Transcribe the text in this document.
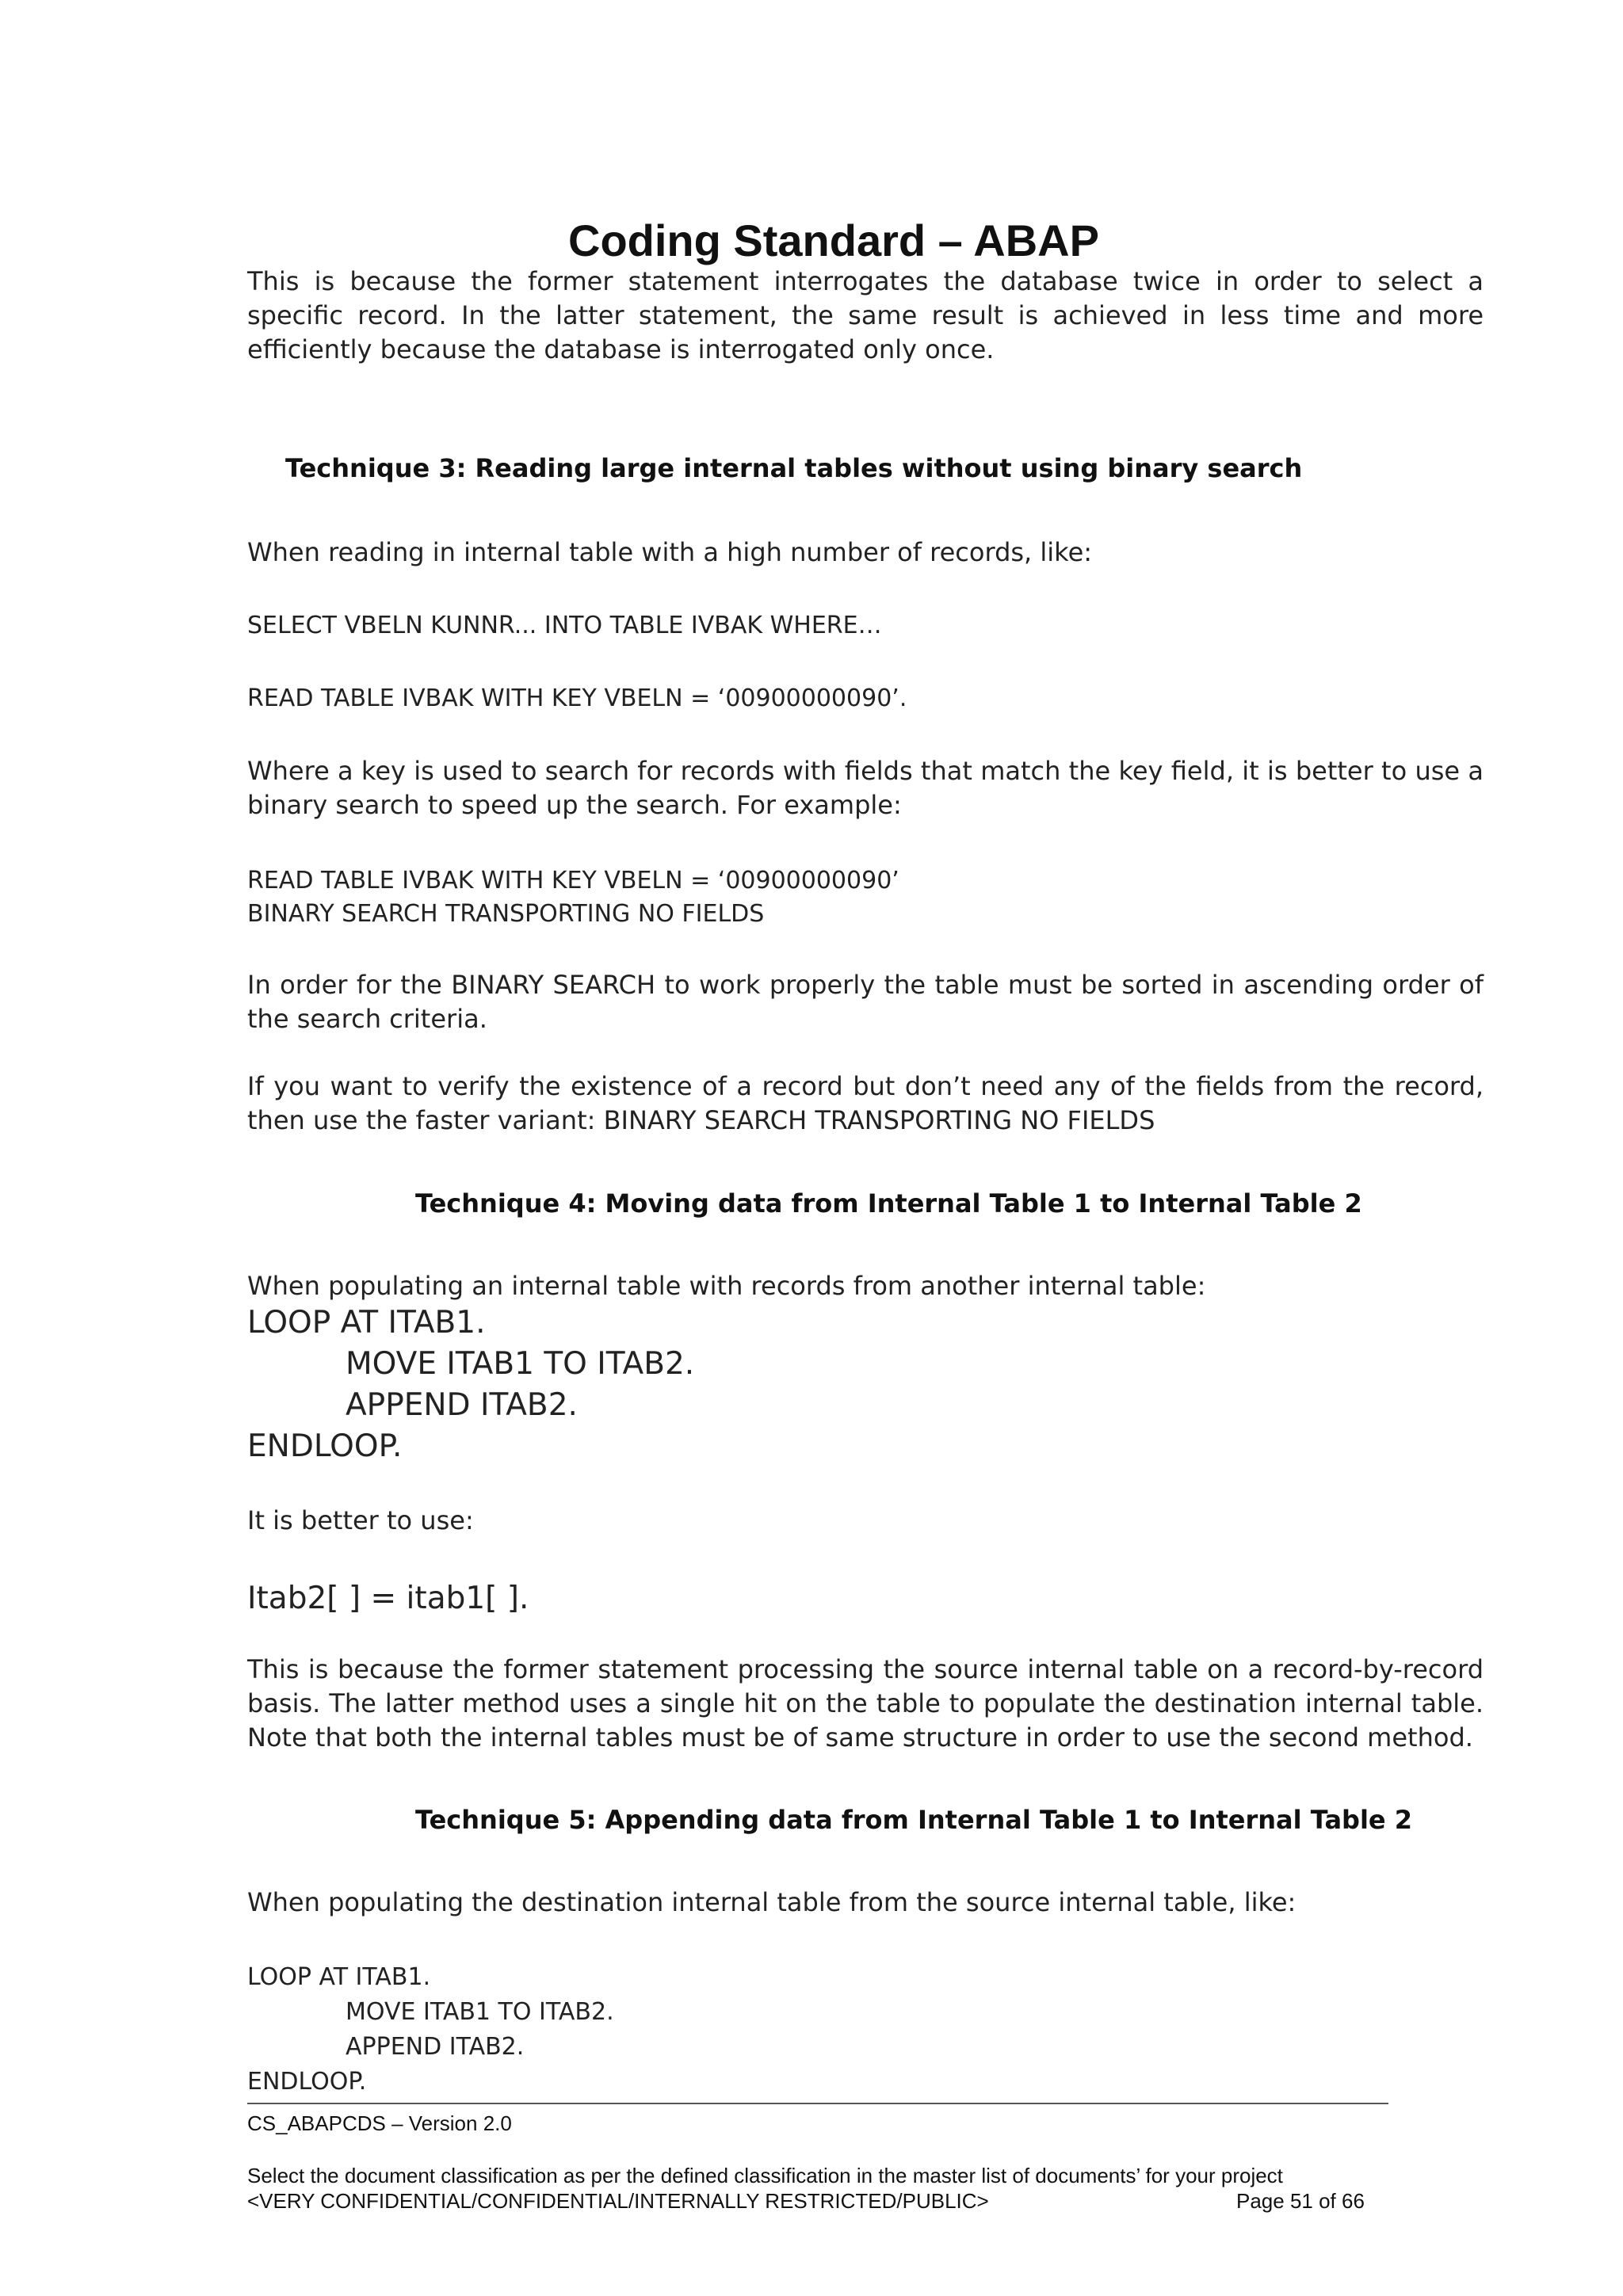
Coding Standard – ABAP

This is because the former statement interrogates the database twice in order to select a specific record. In the latter statement, the same result is achieved in less time and more efficiently because the database is interrogated only once.

Technique 3: Reading large internal tables without using binary search

When reading in internal table with a high number of records, like:

SELECT VBELN KUNNR... INTO TABLE IVBAK WHERE…
READ TABLE IVBAK WITH KEY VBELN = ‘00900000090’.

Where a key is used to search for records with fields that match the key field, it is better to use a binary search to speed up the search. For example:

READ TABLE IVBAK WITH KEY VBELN = ‘00900000090’
BINARY SEARCH TRANSPORTING NO FIELDS

In order for the BINARY SEARCH to work properly the table must be sorted in ascending order of the search criteria.

If you want to verify the existence of a record but don’t need any of the fields from the record, then use the faster variant: BINARY SEARCH TRANSPORTING NO FIELDS

Technique 4: Moving data from Internal Table 1 to Internal Table 2

When populating an internal table with records from another internal table:

LOOP AT ITAB1.
MOVE ITAB1 TO ITAB2.
APPEND ITAB2.
ENDLOOP.

It is better to use:

Itab2[ ] = itab1[ ].

This is because the former statement processing the source internal table on a record-by-record basis. The latter method uses a single hit on the table to populate the destination internal table. Note that both the internal tables must be of same structure in order to use the second method.

Technique 5: Appending data from Internal Table 1 to Internal Table 2

When populating the destination internal table from the source internal table, like:

LOOP AT ITAB1.
MOVE ITAB1 TO ITAB2.
APPEND ITAB2.
ENDLOOP.
CS_ABAPCDS – Version 2.0
Select the document classification as per the defined classification in the master list of documents’ for your project
<VERY CONFIDENTIAL/CONFIDENTIAL/INTERNALLY RESTRICTED/PUBLIC>	Page 51 of 66
